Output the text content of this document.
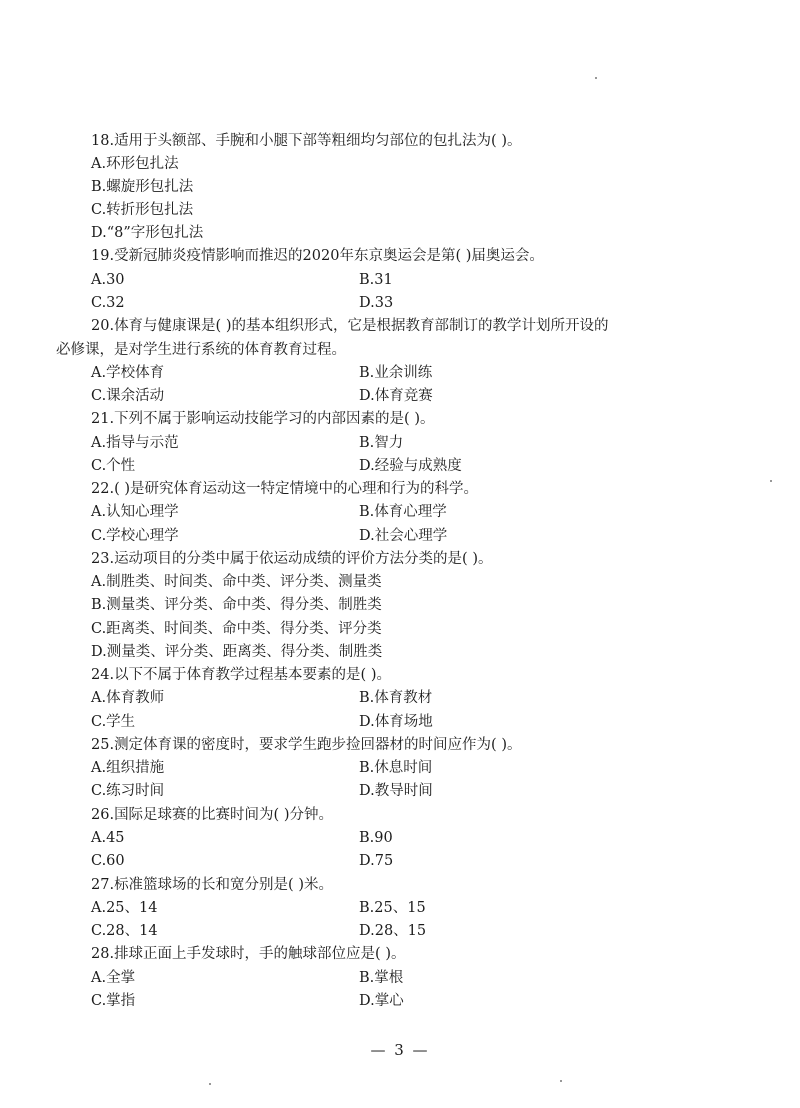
18.适用于头额部、手腕和小腿下部等粗细均匀部位的包扎法为( )。
A.环形包扎法
B.螺旋形包扎法
C.转折形包扎法
D.“8”字形包扎法
19.受新冠肺炎疫情影响而推迟的2020年东京奥运会是第( )届奥运会。
A.30	B.31
C.32	D.33
20.体育与健康课是( )的基本组织形式，它是根据教育部制订的教学计划所开设的
必修课，是对学生进行系统的体育教育过程。
A.学校体育	B.业余训练
C.课余活动	D.体育竞赛
21.下列不属于影响运动技能学习的内部因素的是( )。
A.指导与示范	B.智力
C.个性	D.经验与成熟度
22.( )是研究体育运动这一特定情境中的心理和行为的科学。
A.认知心理学	B.体育心理学
C.学校心理学	D.社会心理学
23.运动项目的分类中属于依运动成绩的评价方法分类的是( )。
A.制胜类、时间类、命中类、评分类、测量类
B.测量类、评分类、命中类、得分类、制胜类
C.距离类、时间类、命中类、得分类、评分类
D.测量类、评分类、距离类、得分类、制胜类
24.以下不属于体育教学过程基本要素的是( )。
A.体育教师	B.体育教材
C.学生	D.体育场地
25.测定体育课的密度时，要求学生跑步捡回器材的时间应作为( )。
A.组织措施	B.休息时间
C.练习时间	D.教导时间
26.国际足球赛的比赛时间为( )分钟。
A.45	B.90
C.60	D.75
27.标准篮球场的长和宽分别是( )米。
A.25、14	B.25、15
C.28、14	D.28、15
28.排球正面上手发球时，手的触球部位应是( )。
A.全掌	B.掌根
C.掌指	D.掌心
— 3 —
